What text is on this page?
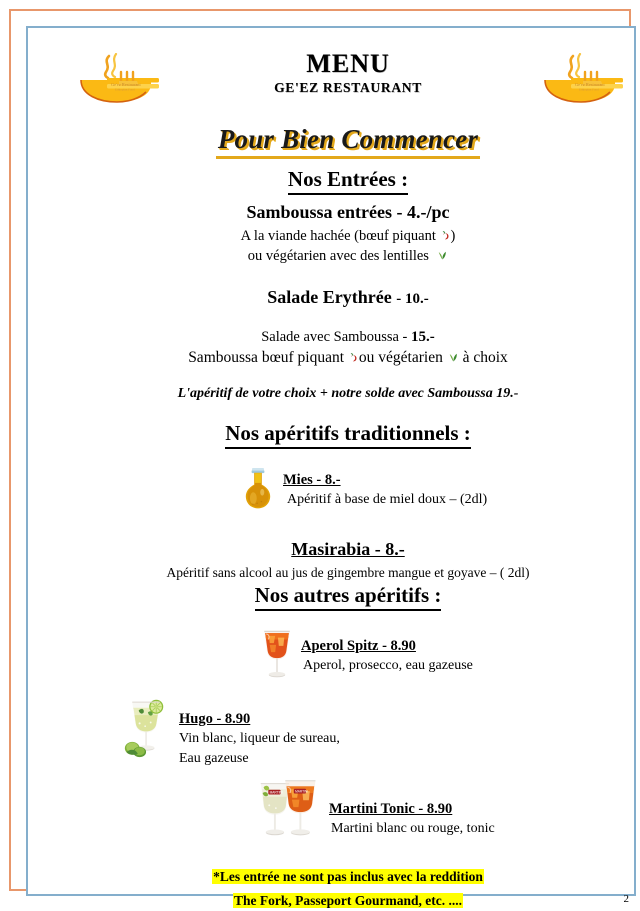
Ge'ez Restaurant
Ethiopian Food
Ge'ez Restaurant
Ethiopian Food
MENU
GE'EZ RESTAURANT
Pour Bien Commencer
Nos Entrées :
Samboussa entrées - 4.-/pc
A la viande hachée (bœuf piquant )
ou végétarien avec des lentilles
Salade Erythrée - 10.-
Salade avec Samboussa - 15.-
Samboussa bœuf piquant ou végétarien à choix
L'apéritif de votre choix + notre solde avec Samboussa 19.-
Nos apéritifs traditionnels :
Mies - 8.-
Apéritif à base de miel doux – (2dl)
Masirabia - 8.-
Apéritif sans alcool au jus de gingembre mangue et goyave – ( 2dl)
Nos autres apéritifs :
Aperol Spitz - 8.90
Aperol, prosecco, eau gazeuse
Hugo - 8.90
Vin blanc, liqueur de sureau,
Eau gazeuse
MARTINI	MARTINI
Martini Tonic - 8.90
Martini blanc ou rouge, tonic
*Les entrée ne sont pas inclus avec la reddition
The Fork, Passeport Gourmand, etc. ....	2
